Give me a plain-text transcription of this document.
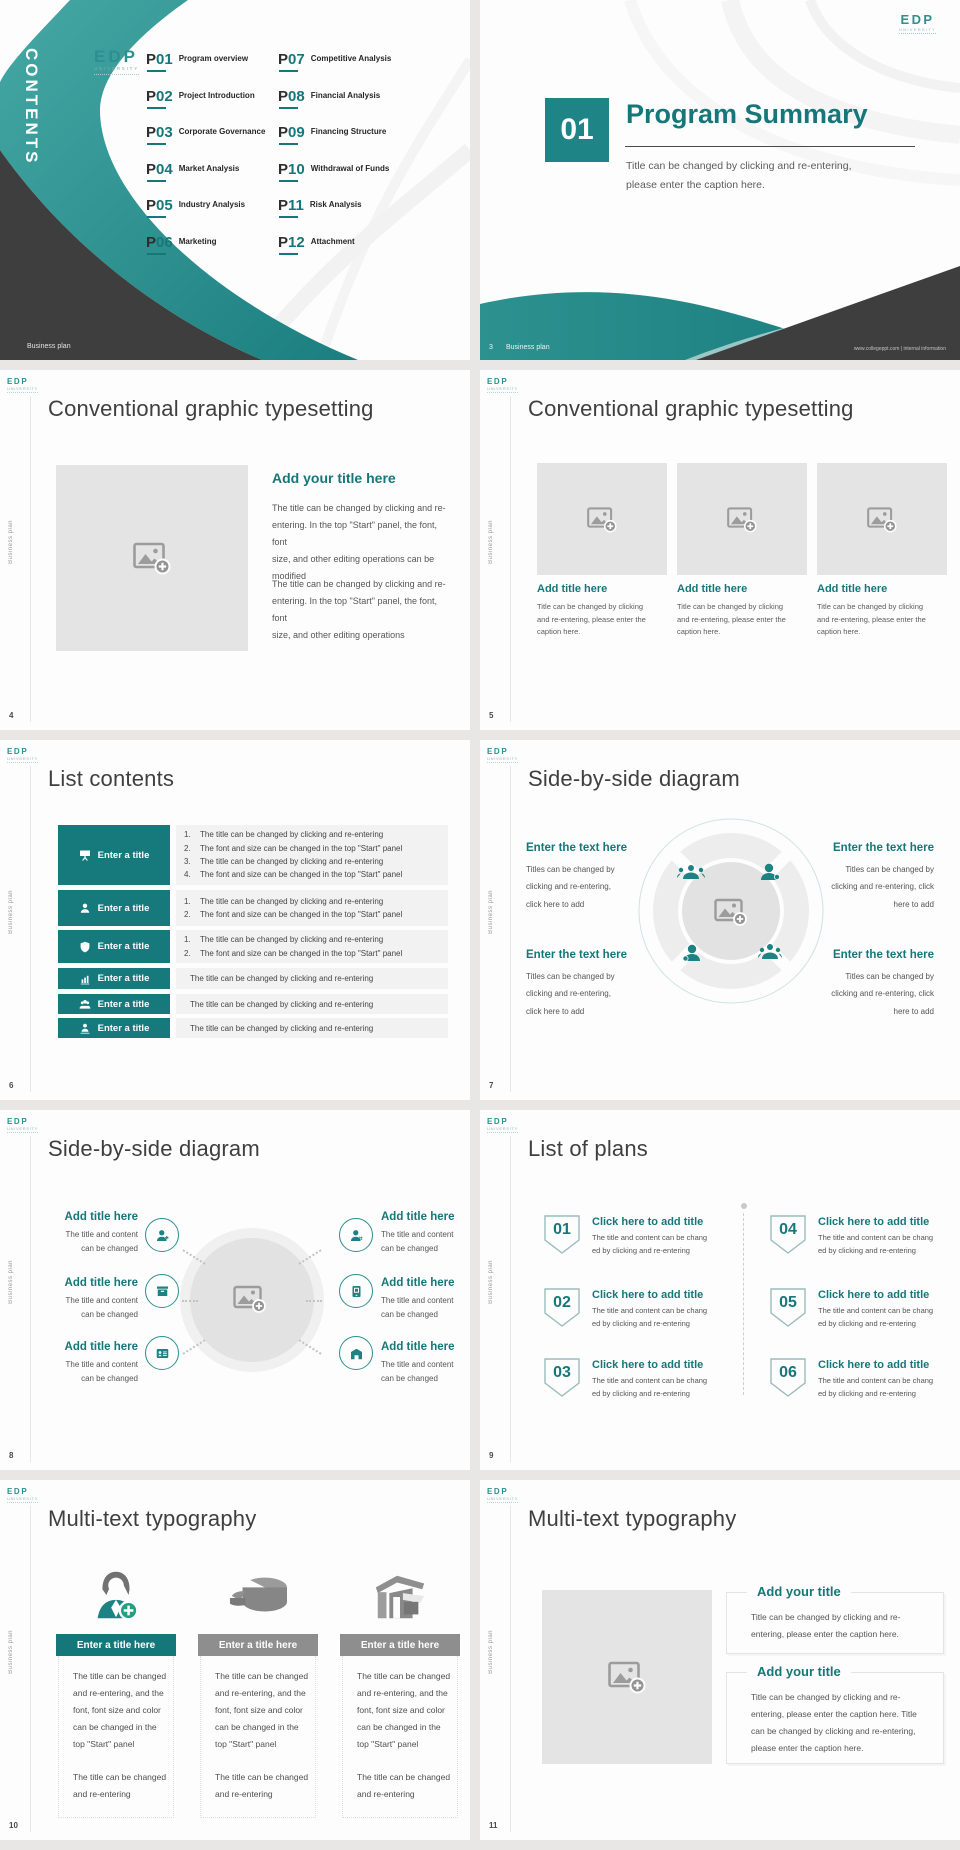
CONTENTS	EDP
UNIVERSITY
P01 Program overview
P02 Project Introduction
P03 Corporate Governance
P04 Market Analysis
P05 Industry Analysis
P06 Marketing
P07 Competitive Analysis
P08 Financial Analysis
P09 Financing Structure
P10 Withdrawal of Funds
P11 Risk Analysis
P12 Attachment
Business plan
EDP
UNIVERSITY
01	Program Summary
Title can be changed by clicking and re-entering,
please enter the caption here.
3 Business plan	www.collegeppt.com | internal information
EDP
UNIVERSITY
Business plan
4
Conventional graphic typesetting
Add your title here
The title can be changed by clicking and re-
entering. In the top "Start" panel, the font, font
size, and other editing operations can be
modified
The title can be changed by clicking and re-
entering. In the top "Start" panel, the font, font
size, and other editing operations
EDP
UNIVERSITY
Business plan
5
Conventional graphic typesetting
Add title here	Add title here	Add title here
Title can be changed by clicking
and re-entering, please enter the
caption here.
Title can be changed by clicking
and re-entering, please enter the
caption here.
Title can be changed by clicking
and re-entering, please enter the
caption here.
EDP
UNIVERSITY
Business plan
6
List contents
Enter a title
1.	The title can be changed by clicking and re-entering
2.	The font and size can be changed in the top "Start" panel
3.	The title can be changed by clicking and re-entering
4.	The font and size can be changed in the top "Start" panel
Enter a title
1.	The title can be changed by clicking and re-entering
2.	The font and size can be changed in the top "Start" panel
Enter a title
1.	The title can be changed by clicking and re-entering
2.	The font and size can be changed in the top "Start" panel
Enter a title	The title can be changed by clicking and re-entering
Enter a title	The title can be changed by clicking and re-entering
Enter a title	The title can be changed by clicking and re-entering
EDP
UNIVERSITY
Business plan
7
Side-by-side diagram
Enter the text here
Titles can be changed by
clicking and re-entering,
click here to add
Enter the text here
Titles can be changed by
clicking and re-entering, click
here to add
Enter the text here
Titles can be changed by
clicking and re-entering,
click here to add
Enter the text here
Titles can be changed by
clicking and re-entering, click
here to add
EDP
UNIVERSITY
Business plan
8
Side-by-side diagram
Add title here
The title and content
can be changed
Add title here
The title and content
can be changed
Add title here
The title and content
can be changed
Add title here
The title and content
can be changed
Add title here
The title and content
can be changed
Add title here
The title and content
can be changed
EDP
UNIVERSITY
Business plan
9
List of plans
01	Click here to add title
The title and content can be chang
ed by clicking and re-entering
02	Click here to add title
The title and content can be chang
ed by clicking and re-entering
03	Click here to add title
The title and content can be chang
ed by clicking and re-entering
04	Click here to add title
The title and content can be chang
ed by clicking and re-entering
05	Click here to add title
The title and content can be chang
ed by clicking and re-entering
06	Click here to add title
The title and content can be chang
ed by clicking and re-entering
EDP
UNIVERSITY
Business plan
10
Multi-text typography
Enter a title here
The title can be changed
and re-entering, and the
font, font size and color
can be changed in the
top "Start" panel
The title can be changed
and re-entering
Enter a title here
The title can be changed
and re-entering, and the
font, font size and color
can be changed in the
top "Start" panel
The title can be changed
and re-entering
Enter a title here
The title can be changed
and re-entering, and the
font, font size and color
can be changed in the
top "Start" panel
The title can be changed
and re-entering
EDP
UNIVERSITY
Business plan
11
Multi-text typography
Add your title
Title can be changed by clicking and re-
entering, please enter the caption here.
Add your title
Title can be changed by clicking and re-
entering, please enter the caption here. Title
can be changed by clicking and re-entering,
please enter the caption here.
